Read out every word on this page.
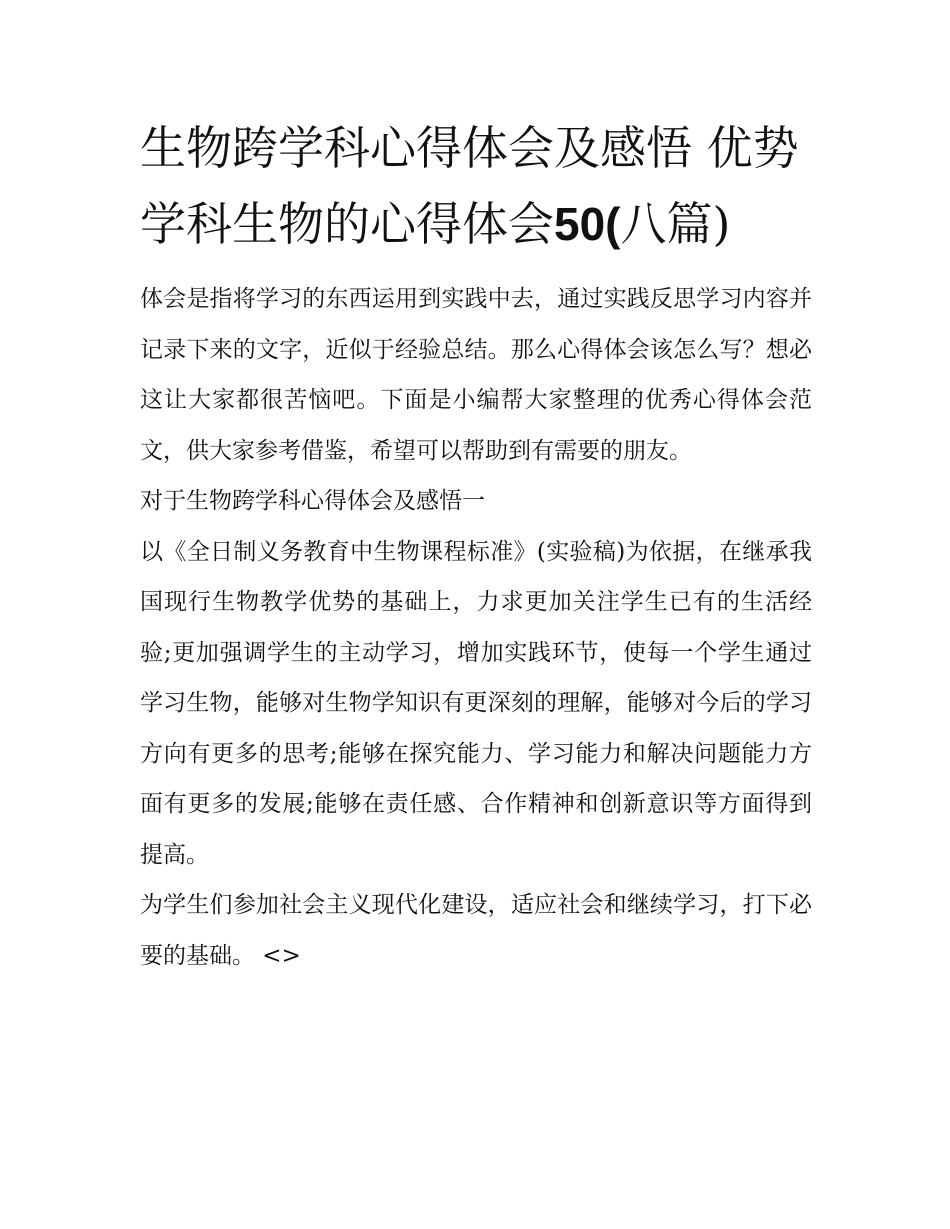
生物跨学科心得体会及感悟 优势学科生物的心得体会50(八篇)

体会是指将学习的东西运用到实践中去，通过实践反思学习内容并记录下来的文字，近似于经验总结。那么心得体会该怎么写？想必这让大家都很苦恼吧。下面是小编帮大家整理的优秀心得体会范文，供大家参考借鉴，希望可以帮助到有需要的朋友。

对于生物跨学科心得体会及感悟一

以《全日制义务教育中生物课程标准》(实验稿)为依据，在继承我国现行生物教学优势的基础上，力求更加关注学生已有的生活经验;更加强调学生的主动学习，增加实践环节，使每一个学生通过学习生物，能够对生物学知识有更深刻的理解，能够对今后的学习方向有更多的思考;能够在探究能力、学习能力和解决问题能力方面有更多的发展;能够在责任感、合作精神和创新意识等方面得到提高。

为学生们参加社会主义现代化建设，适应社会和继续学习，打下必要的基础。 <>
